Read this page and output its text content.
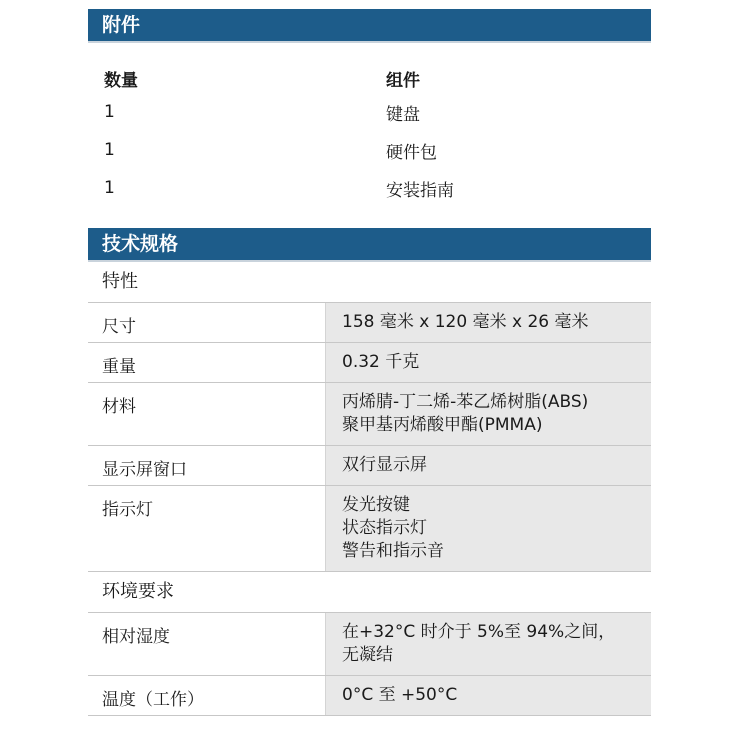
附件
数量	组件
1	键盘
1	硬件包
1	安装指南
技术规格
特性
尺寸	158 毫米 x 120 毫米 x 26 毫米
重量	0.32 千克
材料	丙烯腈-丁二烯-苯乙烯树脂(ABS)
聚甲基丙烯酸甲酯(PMMA)
显示屏窗口	双行显示屏
指示灯	发光按键
状态指示灯
警告和指示音
环境要求
相对湿度	在+32°C 时介于 5%至 94%之间，
无凝结
温度（工作）	0°C 至 +50°C
